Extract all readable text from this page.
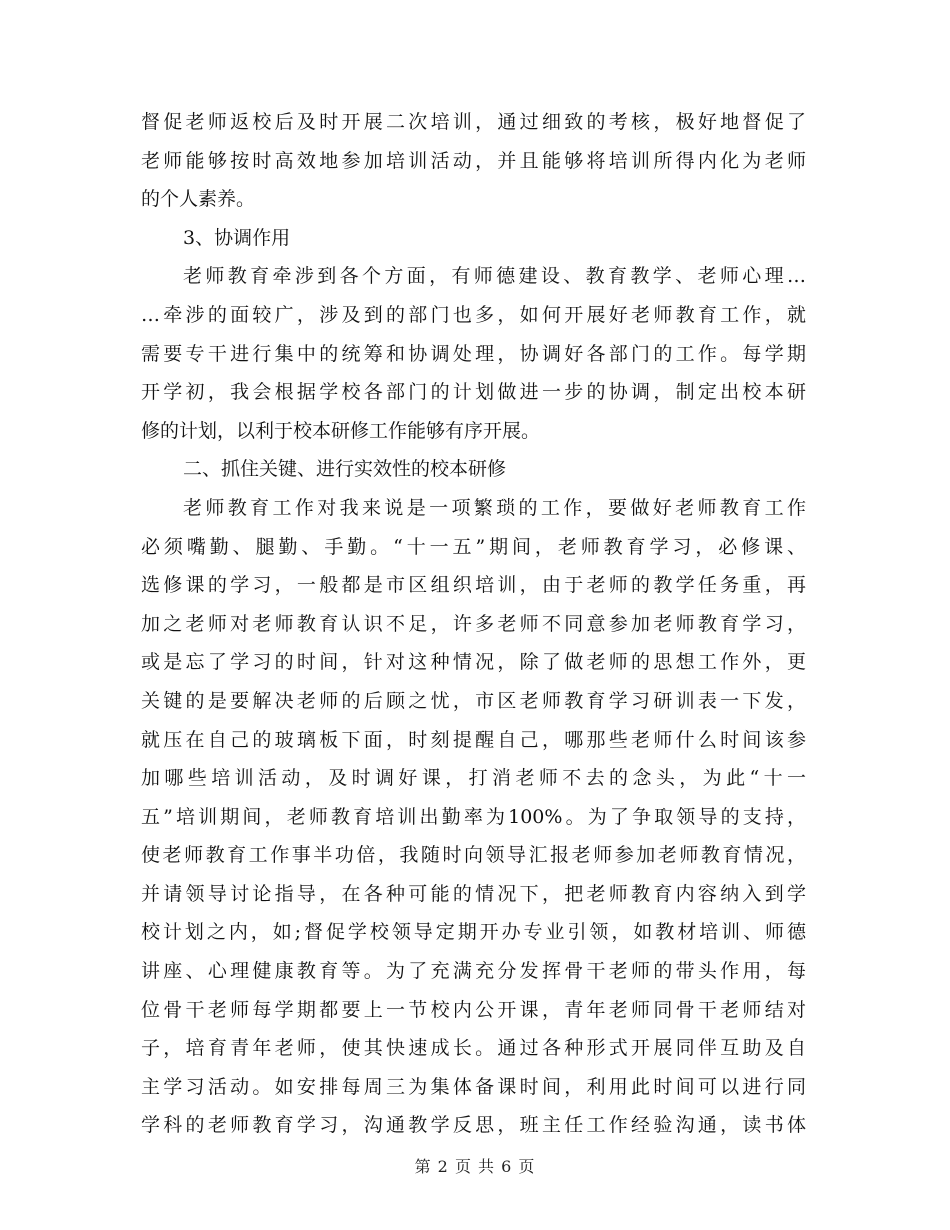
督促老师返校后及时开展二次培训，通过细致的考核，极好地督促了
老师能够按时高效地参加培训活动，并且能够将培训所得内化为老师
的个人素养。
3、协调作用
老师教育牵涉到各个方面，有师德建设、教育教学、老师心理…
…牵涉的面较广，涉及到的部门也多，如何开展好老师教育工作，就
需要专干进行集中的统筹和协调处理，协调好各部门的工作。每学期
开学初，我会根据学校各部门的计划做进一步的协调，制定出校本研
修的计划，以利于校本研修工作能够有序开展。
二、抓住关键、进行实效性的校本研修
老师教育工作对我来说是一项繁琐的工作，要做好老师教育工作
必须嘴勤、腿勤、手勤。“十一五”期间，老师教育学习，必修课、
选修课的学习，一般都是市区组织培训，由于老师的教学任务重，再
加之老师对老师教育认识不足，许多老师不同意参加老师教育学习，
或是忘了学习的时间，针对这种情况，除了做老师的思想工作外，更
关键的是要解决老师的后顾之忧，市区老师教育学习研训表一下发，
就压在自己的玻璃板下面，时刻提醒自己，哪那些老师什么时间该参
加哪些培训活动，及时调好课，打消老师不去的念头，为此“十一
五”培训期间，老师教育培训出勤率为100%。为了争取领导的支持，
使老师教育工作事半功倍，我随时向领导汇报老师参加老师教育情况，
并请领导讨论指导，在各种可能的情况下，把老师教育内容纳入到学
校计划之内，如;督促学校领导定期开办专业引领，如教材培训、师德
讲座、心理健康教育等。为了充满充分发挥骨干老师的带头作用，每
位骨干老师每学期都要上一节校内公开课，青年老师同骨干老师结对
子，培育青年老师，使其快速成长。通过各种形式开展同伴互助及自
主学习活动。如安排每周三为集体备课时间，利用此时间可以进行同
学科的老师教育学习，沟通教学反思，班主任工作经验沟通，读书体
第 2 页 共 6 页
